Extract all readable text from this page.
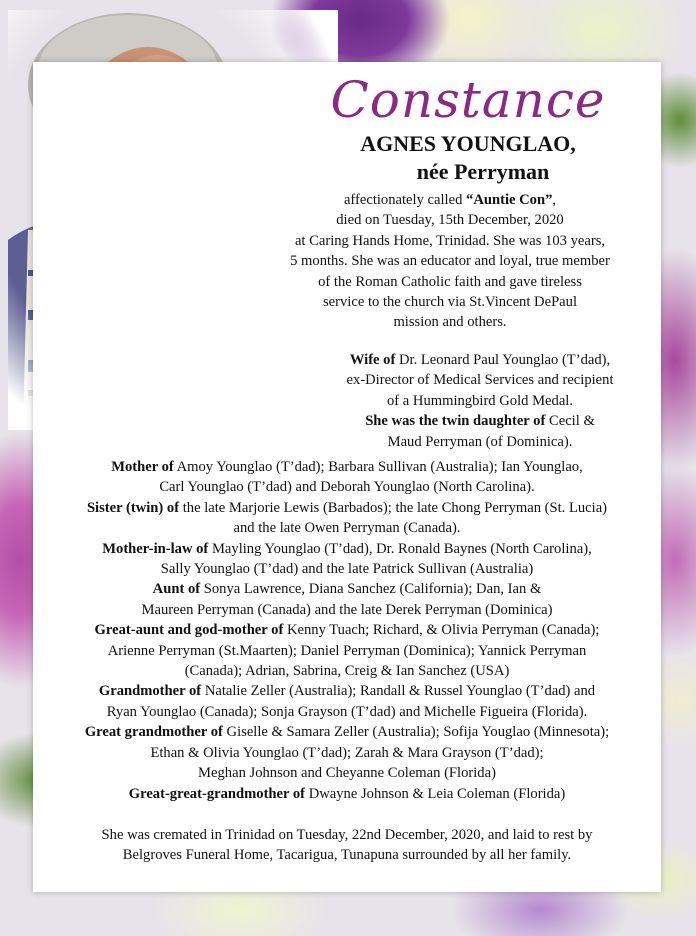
Constance
AGNES YOUNGLAO,
née Perryman

affectionately called “Auntie Con”,

died on Tuesday, 15th December, 2020

at Caring Hands Home, Trinidad. She was 103 years,

5 months. She was an educator and loyal, true member

of the Roman Catholic faith and gave tireless

service to the church via St.Vincent DePaul

mission and others.

Wife of Dr. Leonard Paul Younglao (T’dad),

ex-Director of Medical Services and recipient

of a Hummingbird Gold Medal.

She was the twin daughter of Cecil &

Maud Perryman (of Dominica).

Mother of Amoy Younglao (T’dad); Barbara Sullivan (Australia); Ian Younglao,

Carl Younglao (T’dad) and Deborah Younglao (North Carolina).

Sister (twin) of the late Marjorie Lewis (Barbados); the late Chong Perryman (St. Lucia)

and the late Owen Perryman (Canada).

Mother-in-law of Mayling Younglao (T’dad), Dr. Ronald Baynes (North Carolina),

Sally Younglao (T’dad) and the late Patrick Sullivan (Australia)

Aunt of Sonya Lawrence, Diana Sanchez (California); Dan, Ian &

Maureen Perryman (Canada) and the late Derek Perryman (Dominica)

Great-aunt and god-mother of Kenny Tuach; Richard, & Olivia Perryman (Canada);

Arienne Perryman (St.Maarten); Daniel Perryman (Dominica); Yannick Perryman

(Canada); Adrian, Sabrina, Creig & Ian Sanchez (USA)

Grandmother of Natalie Zeller (Australia); Randall & Russel Younglao (T’dad) and

Ryan Younglao (Canada); Sonja Grayson (T’dad) and Michelle Figueira (Florida).

Great grandmother of Giselle & Samara Zeller (Australia); Sofija Youglao (Minnesota);

Ethan & Olivia Younglao (T’dad); Zarah & Mara Grayson (T’dad);

Meghan Johnson and Cheyanne Coleman (Florida)

Great-great-grandmother of Dwayne Johnson & Leia Coleman (Florida)

She was cremated in Trinidad on Tuesday, 22nd December, 2020, and laid to rest by

Belgroves Funeral Home, Tacarigua, Tunapuna surrounded by all her family.
